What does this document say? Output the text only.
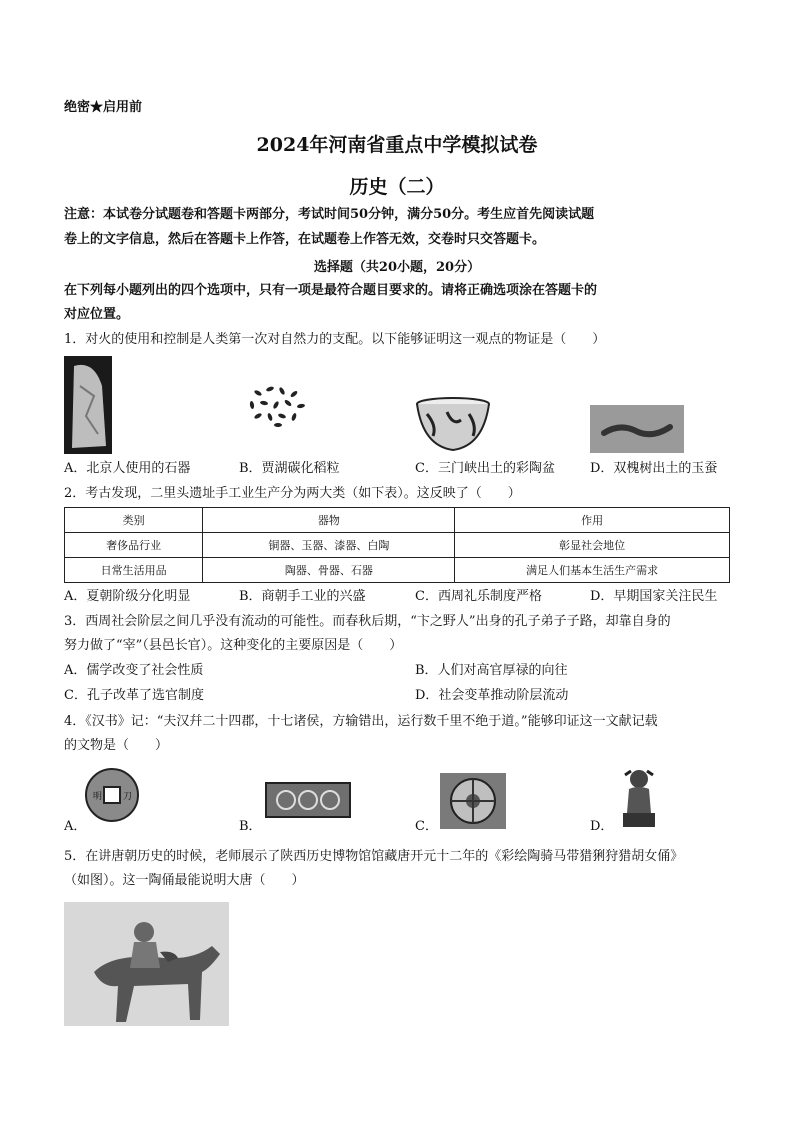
绝密★启用前
2024年河南省重点中学模拟试卷
历史（二）
注意：本试卷分试题卷和答题卡两部分，考试时间50分钟，满分50分。考生应首先阅读试题
卷上的文字信息，然后在答题卡上作答，在试题卷上作答无效，交卷时只交答题卡。
选择题（共20小题，20分）
在下列每小题列出的四个选项中，只有一项是最符合题目要求的。请将正确选项涂在答题卡的
对应位置。
1．对火的使用和控制是人类第一次对自然力的支配。以下能够证明这一观点的物证是（　　）
A．北京人使用的石器	B．贾湖碳化稻粒	C．三门峡出土的彩陶盆	D．双槐树出土的玉蚕
2．考古发现，二里头遗址手工业生产分为两大类（如下表）。这反映了（　　）
类别	器物	作用
奢侈品行业	铜器、玉器、漆器、白陶	彰显社会地位
日常生活用品	陶器、骨器、石器	满足人们基本生活生产需求
A．夏朝阶级分化明显	B．商朝手工业的兴盛	C．西周礼乐制度严格	D．早期国家关注民生
3．西周社会阶层之间几乎没有流动的可能性。而春秋后期，“卞之野人”出身的孔子弟子子路，却靠自身的
努力做了“宰”（县邑长官）。这种变化的主要原因是（　　）
A．儒学改变了社会性质	B．人们对高官厚禄的向往
C．孔子改革了选官制度	D．社会变革推动阶层流动
4．《汉书》记：“夫汉幷二十四郡，十七诸侯，方输错出，运行数千里不绝于道。”能够印证这一文献记载
的文物是（　　）
明 刀
A．	B．	C．	D．
5．在讲唐朝历史的时候，老师展示了陕西历史博物馆馆藏唐开元十二年的《彩绘陶骑马带猎猁狩猎胡女俑》
（如图）。这一陶俑最能说明大唐（　　）
